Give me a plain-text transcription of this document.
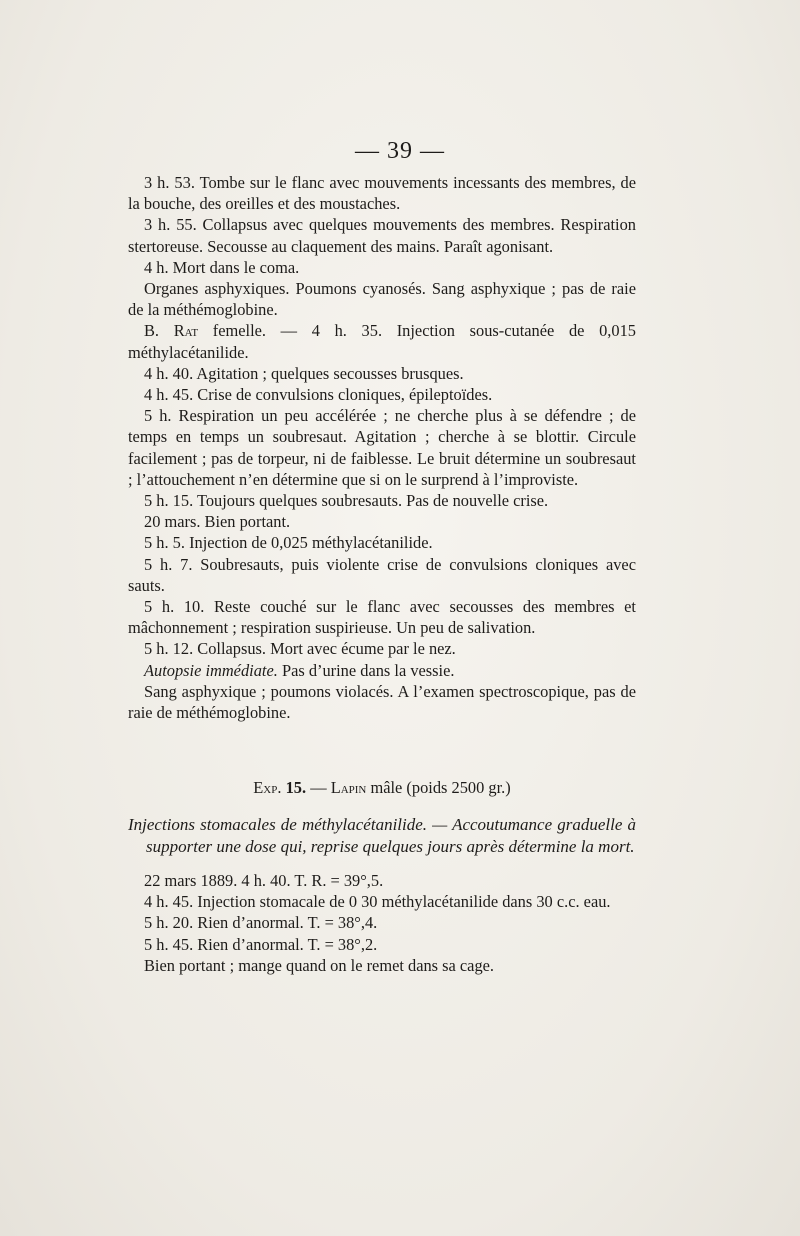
— 39 —

3 h. 53. Tombe sur le flanc avec mouvements incessants des membres, de la bouche, des oreilles et des moustaches.

3 h. 55. Collapsus avec quelques mouvements des membres. Respiration stertoreuse. Secousse au claquement des mains. Paraît agonisant.

4 h. Mort dans le coma.

Organes asphyxiques. Poumons cyanosés. Sang asphyxique ; pas de raie de la méthémoglobine.

B. Rat femelle. — 4 h. 35. Injection sous-cutanée de 0,015 méthylacétanilide.

4 h. 40. Agitation ; quelques secousses brusques.

4 h. 45. Crise de convulsions cloniques, épileptoïdes.

5 h. Respiration un peu accélérée ; ne cherche plus à se défendre ; de temps en temps un soubresaut. Agitation ; cherche à se blottir. Circule facilement ; pas de torpeur, ni de faiblesse. Le bruit détermine un soubresaut ; l’attouchement n’en détermine que si on le surprend à l’improviste.

5 h. 15. Toujours quelques soubresauts. Pas de nouvelle crise.

20 mars. Bien portant.

5 h. 5. Injection de 0,025 méthylacétanilide.

5 h. 7. Soubresauts, puis violente crise de convulsions cloniques avec sauts.

5 h. 10. Reste couché sur le flanc avec secousses des membres et mâchonnement ; respiration suspirieuse. Un peu de salivation.

5 h. 12. Collapsus. Mort avec écume par le nez.

Autopsie immédiate. Pas d’urine dans la vessie.

Sang asphyxique ; poumons violacés. A l’examen spectroscopique, pas de raie de méthémoglobine.

Exp. 15. — Lapin mâle (poids 2500 gr.)

Injections stomacales de méthylacétanilide. — Accoutumance graduelle à supporter une dose qui, reprise quelques jours après détermine la mort.

22 mars 1889. 4 h. 40. T. R. = 39°,5.

4 h. 45. Injection stomacale de 0 30 méthylacétanilide dans 30 c.c. eau.

5 h. 20. Rien d’anormal. T. = 38°,4.

5 h. 45. Rien d’anormal. T. = 38°,2.

Bien portant ; mange quand on le remet dans sa cage.
